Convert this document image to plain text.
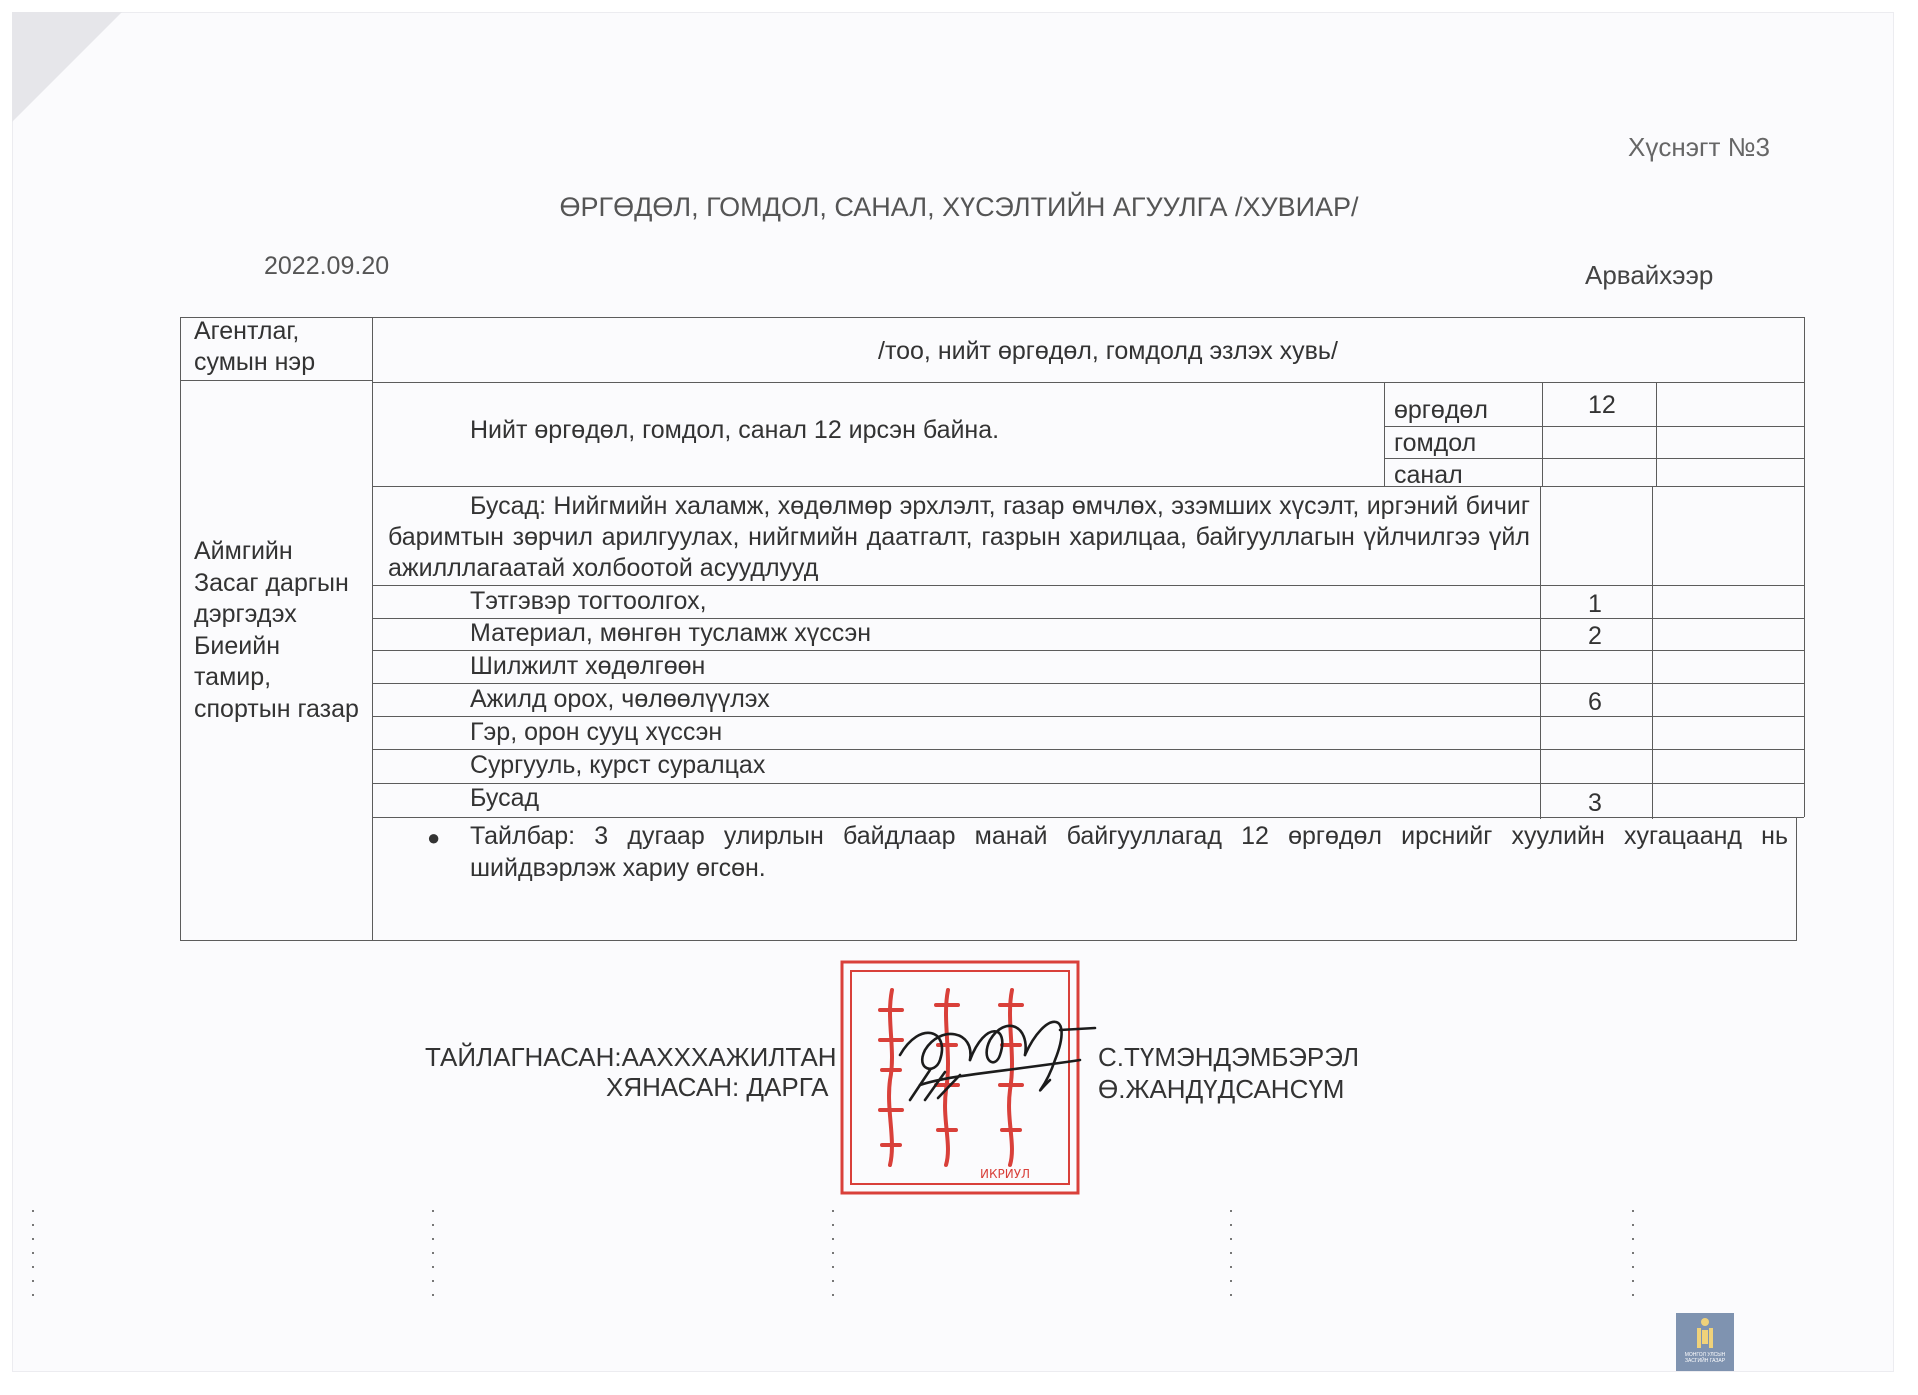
Хүснэгт №3
ӨРГӨДӨЛ, ГОМДОЛ, САНАЛ, ХҮСЭЛТИЙН АГУУЛГА /ХУВИАР/
2022.09.20	Арвайхээр
Агентлаг, сумын нэр	/тоо, нийт өргөдөл, гомдолд эзлэх хувь/
Аймгийн Засаг даргын дэргэдэх Биеийн тамир, спортын газар
Нийт өргөдөл, гомдол, санал 12 ирсэн байна.
өргөдөл	12
гомдол
санал
Бусад: Нийгмийн халамж, хөдөлмөр эрхлэлт, газар өмчлөх, эзэмших хүсэлт, иргэний бичиг баримтын зөрчил арилгуулах, нийгмийн даатгалт, газрын харилцаа, байгууллагын үйлчилгээ үйл ажилллагаатай холбоотой асуудлууд
Тэтгэвэр тогтоолгох,	1
Материал, мөнгөн тусламж хүссэн	2
Шилжилт хөдөлгөөн
Ажилд орох, чөлөөлүүлэх	6
Гэр, орон сууц хүссэн
Сургууль, курст суралцах
Бусад	3
● Тайлбар: 3 дугаар улирлын байдлаар манай байгууллагад 12 өргөдөл ирснийг хуулийн хугацаанд нь шийдвэрлэж хариу өгсөн.
ТАЙЛАГНАСАН:АAXXXAЖИЛТАН	С.ТҮМЭНДЭМБЭРЭЛ
ХЯНАСАН: ДАРГА	Ө.ЖАНДҮДСАНСҮМ
ИКРИУЛ
МОНГОЛ УЛСЫН ЗАСГИЙН ГАЗАР
